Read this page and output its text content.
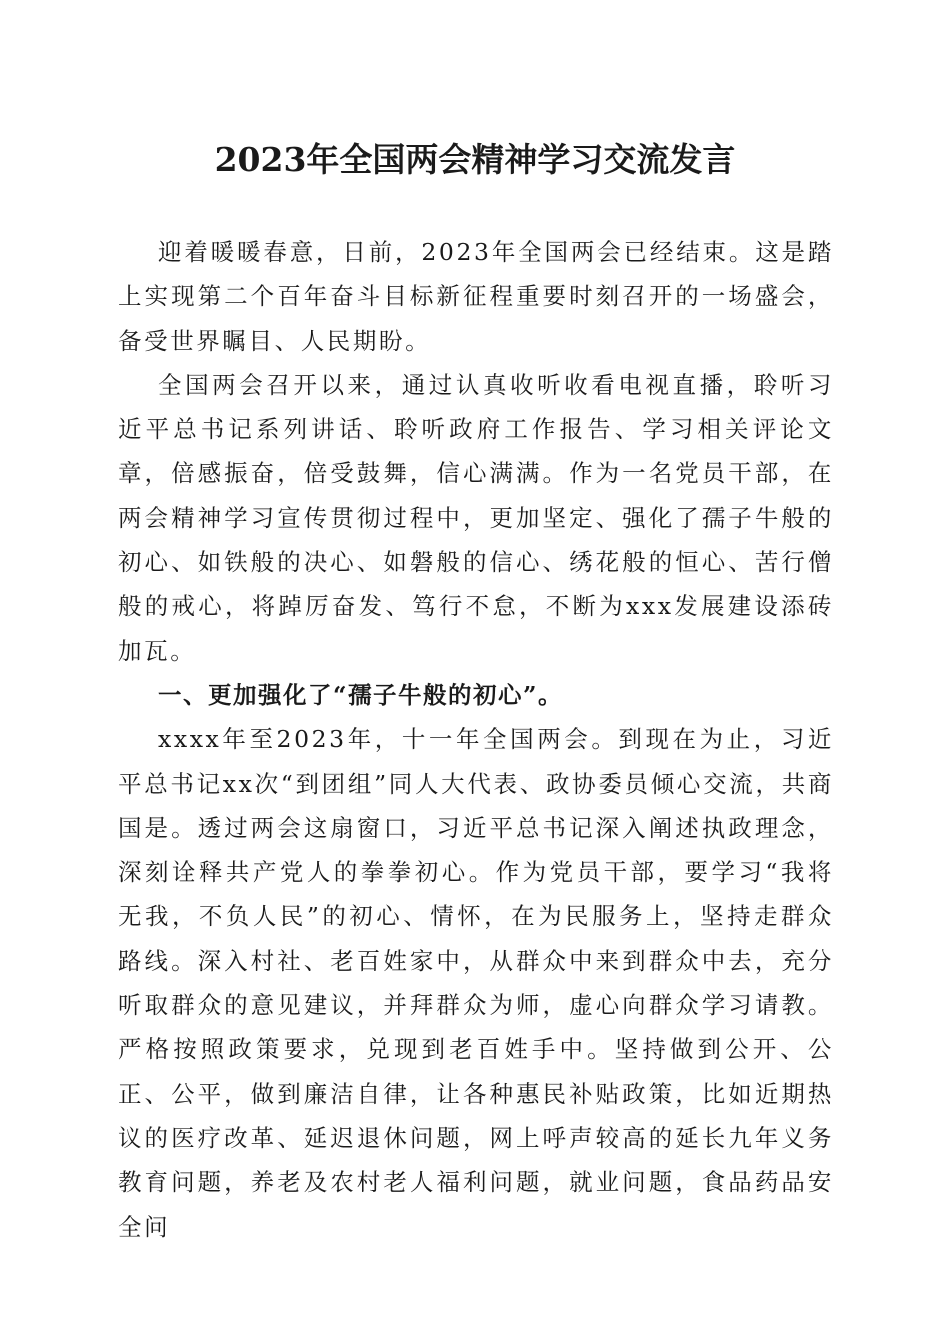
2023年全国两会精神学习交流发言

迎着暖暖春意，日前，2023年全国两会已经结束。这是踏上实现第二个百年奋斗目标新征程重要时刻召开的一场盛会，备受世界瞩目、人民期盼。

全国两会召开以来，通过认真收听收看电视直播，聆听习近平总书记系列讲话、聆听政府工作报告、学习相关评论文章，倍感振奋，倍受鼓舞，信心满满。作为一名党员干部，在两会精神学习宣传贯彻过程中，更加坚定、强化了孺子牛般的初心、如铁般的决心、如磐般的信心、绣花般的恒心、苦行僧般的戒心，将踔厉奋发、笃行不怠，不断为xxx发展建设添砖加瓦。

一、更加强化了“孺子牛般的初心”。

xxxx年至2023年，十一年全国两会。到现在为止，习近平总书记xx次“到团组”同人大代表、政协委员倾心交流，共商国是。透过两会这扇窗口，习近平总书记深入阐述执政理念，深刻诠释共产党人的拳拳初心。作为党员干部，要学习“我将无我，不负人民”的初心、情怀，在为民服务上，坚持走群众路线。深入村社、老百姓家中，从群众中来到群众中去，充分听取群众的意见建议，并拜群众为师，虚心向群众学习请教。严格按照政策要求，兑现到老百姓手中。坚持做到公开、公正、公平，做到廉洁自律，让各种惠民补贴政策，比如近期热议的医疗改革、延迟退休问题，网上呼声较高的延长九年义务教育问题，养老及农村老人福利问题，就业问题，食品药品安全问
